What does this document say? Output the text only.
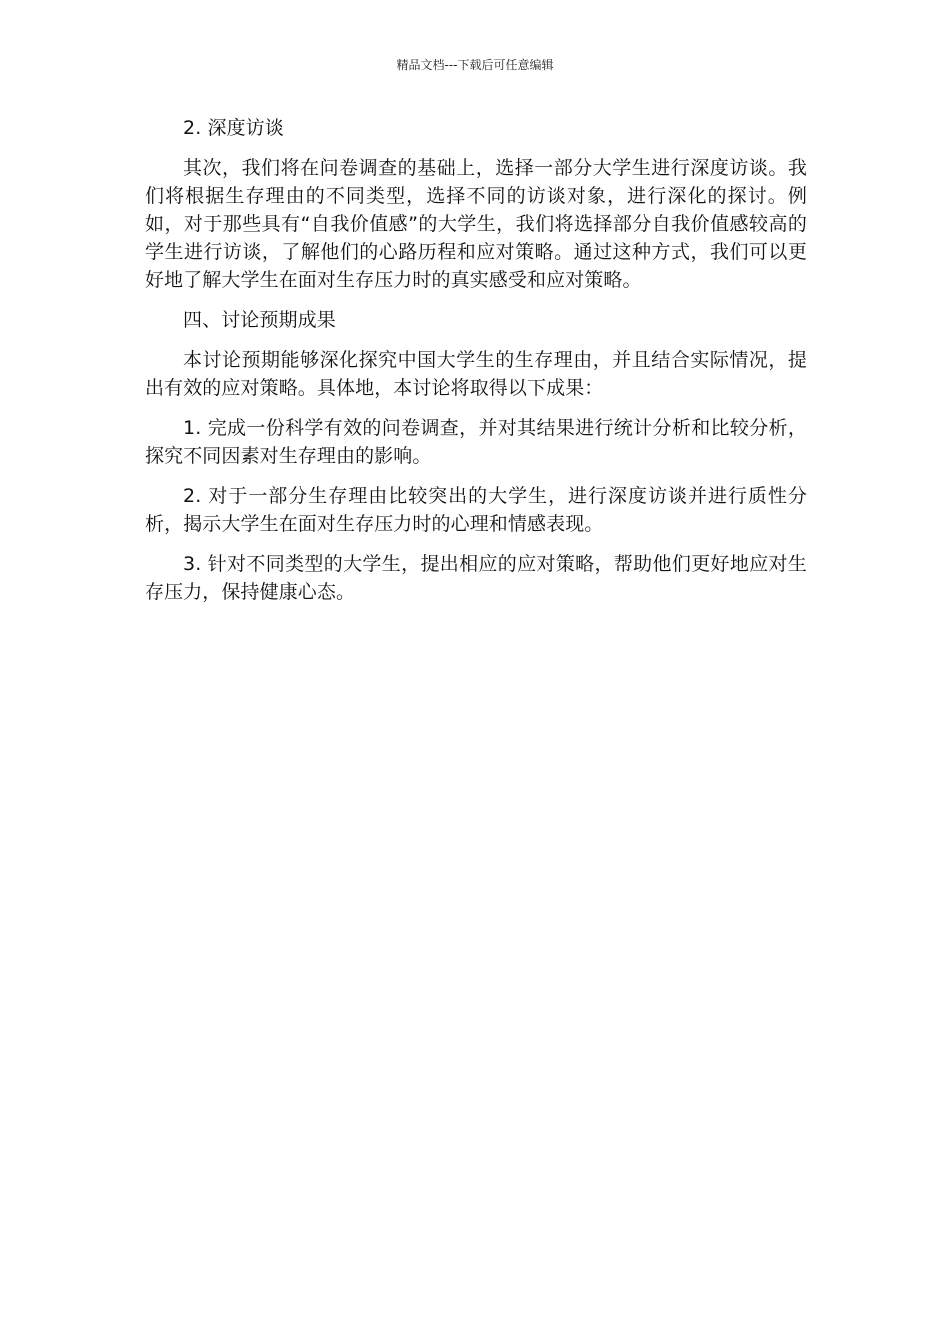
精品文档---下载后可任意编辑

2. 深度访谈

其次，我们将在问卷调查的基础上，选择一部分大学生进行深度访谈。我们将根据生存理由的不同类型，选择不同的访谈对象，进行深化的探讨。例如，对于那些具有“自我价值感”的大学生，我们将选择部分自我价值感较高的学生进行访谈，了解他们的心路历程和应对策略。通过这种方式，我们可以更好地了解大学生在面对生存压力时的真实感受和应对策略。

四、讨论预期成果

本讨论预期能够深化探究中国大学生的生存理由，并且结合实际情况，提出有效的应对策略。具体地，本讨论将取得以下成果：

1. 完成一份科学有效的问卷调查，并对其结果进行统计分析和比较分析，探究不同因素对生存理由的影响。

2. 对于一部分生存理由比较突出的大学生，进行深度访谈并进行质性分析，揭示大学生在面对生存压力时的心理和情感表现。

3. 针对不同类型的大学生，提出相应的应对策略，帮助他们更好地应对生存压力，保持健康心态。
